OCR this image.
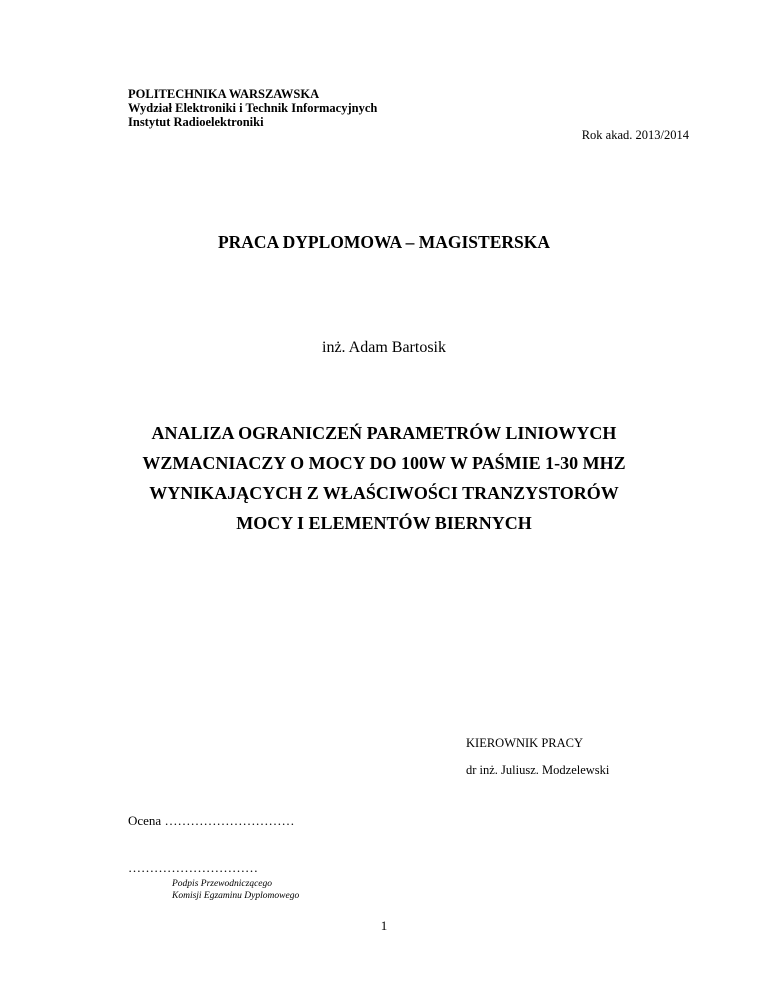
POLITECHNIKA WARSZAWSKA
Wydział Elektroniki i Technik Informacyjnych
Instytut Radioelektroniki
Rok akad. 2013/2014
PRACA DYPLOMOWA – MAGISTERSKA
inż. Adam Bartosik
ANALIZA OGRANICZEŃ PARAMETRÓW LINIOWYCH
WZMACNIACZY O MOCY DO 100W W PAŚMIE 1-30 MHZ
WYNIKAJĄCYCH Z WŁAŚCIWOŚCI TRANZYSTORÓW
MOCY I ELEMENTÓW BIERNYCH
KIEROWNIK PRACY
dr inż. Juliusz. Modzelewski
Ocena …………………………
…………………………
Podpis Przewodniczącego
Komisji Egzaminu Dyplomowego
1
